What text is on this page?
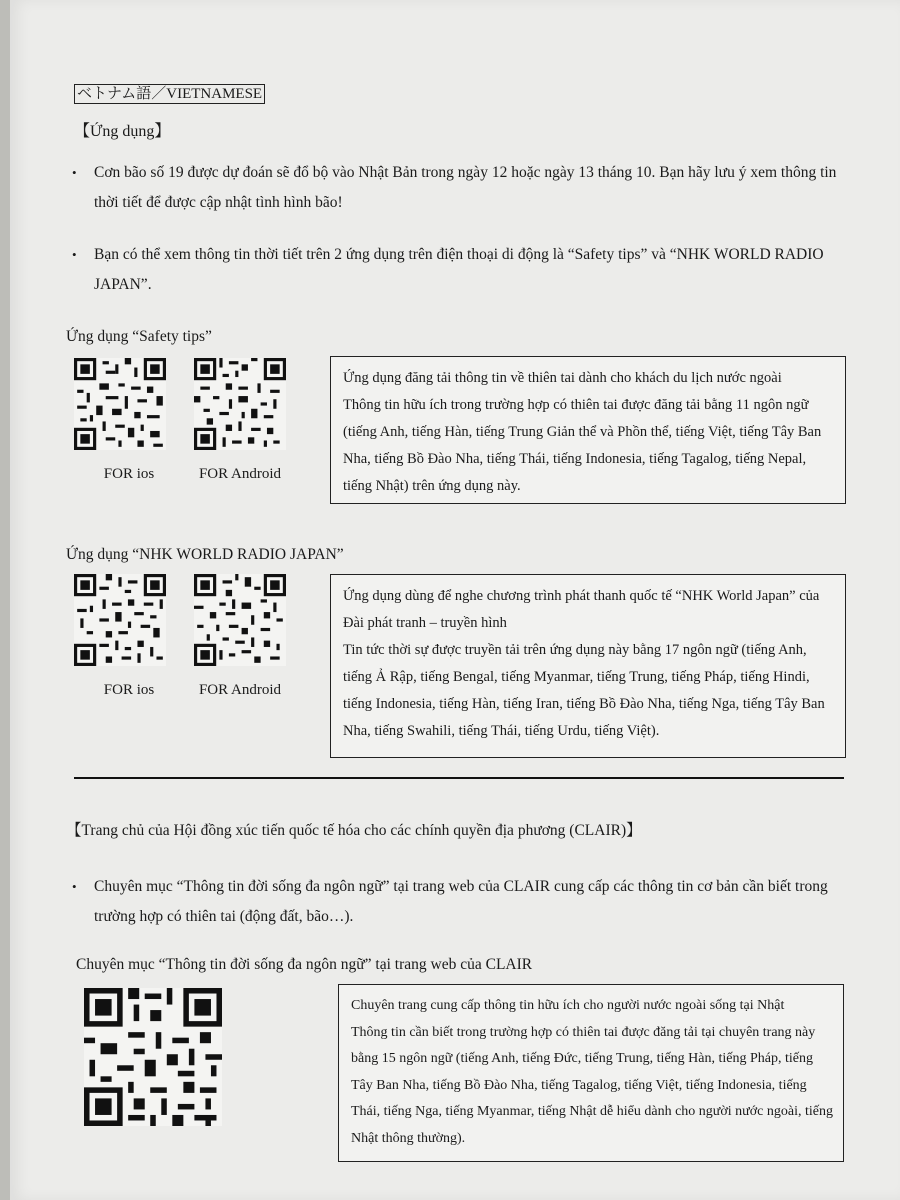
ベトナム語／VIETNAMESE
【Ứng dụng】
• Cơn bão số 19 được dự đoán sẽ đổ bộ vào Nhật Bản trong ngày 12 hoặc ngày 13 tháng 10. Bạn hãy lưu ý xem thông tin thời tiết để được cập nhật tình hình bão!
• Bạn có thể xem thông tin thời tiết trên 2 ứng dụng trên điện thoại di động là “Safety tips” và “NHK WORLD RADIO JAPAN”.
Ứng dụng “Safety tips”
FOR ios	FOR Android

Ứng dụng đăng tải thông tin về thiên tai dành cho khách du lịch nước ngoài

Thông tin hữu ích trong trường hợp có thiên tai được đăng tải bằng 11 ngôn ngữ (tiếng Anh, tiếng Hàn, tiếng Trung Giản thể và Phồn thể, tiếng Việt, tiếng Tây Ban Nha, tiếng Bồ Đào Nha, tiếng Thái, tiếng Indonesia, tiếng Tagalog, tiếng Nepal, tiếng Nhật) trên ứng dụng này.

Ứng dụng “NHK WORLD RADIO JAPAN”
FOR ios	FOR Android

Ứng dụng dùng để nghe chương trình phát thanh quốc tế “NHK World Japan” của Đài phát tranh – truyền hình

Tin tức thời sự được truyền tải trên ứng dụng này bằng 17 ngôn ngữ (tiếng Anh, tiếng Ả Rập, tiếng Bengal, tiếng Myanmar, tiếng Trung, tiếng Pháp, tiếng Hindi, tiếng Indonesia, tiếng Hàn, tiếng Iran, tiếng Bồ Đào Nha, tiếng Nga, tiếng Tây Ban Nha, tiếng Swahili, tiếng Thái, tiếng Urdu, tiếng Việt).

【Trang chủ của Hội đồng xúc tiến quốc tế hóa cho các chính quyền địa phương (CLAIR)】
• Chuyên mục “Thông tin đời sống đa ngôn ngữ” tại trang web của CLAIR cung cấp các thông tin cơ bản cần biết trong trường hợp có thiên tai (động đất, bão…).
Chuyên mục “Thông tin đời sống đa ngôn ngữ” tại trang web của CLAIR

Chuyên trang cung cấp thông tin hữu ích cho người nước ngoài sống tại Nhật

Thông tin cần biết trong trường hợp có thiên tai được đăng tải tại chuyên trang này bằng 15 ngôn ngữ (tiếng Anh, tiếng Đức, tiếng Trung, tiếng Hàn, tiếng Pháp, tiếng Tây Ban Nha, tiếng Bồ Đào Nha, tiếng Tagalog, tiếng Việt, tiếng Indonesia, tiếng Thái, tiếng Nga, tiếng Myanmar, tiếng Nhật dễ hiểu dành cho người nước ngoài, tiếng Nhật thông thường).
